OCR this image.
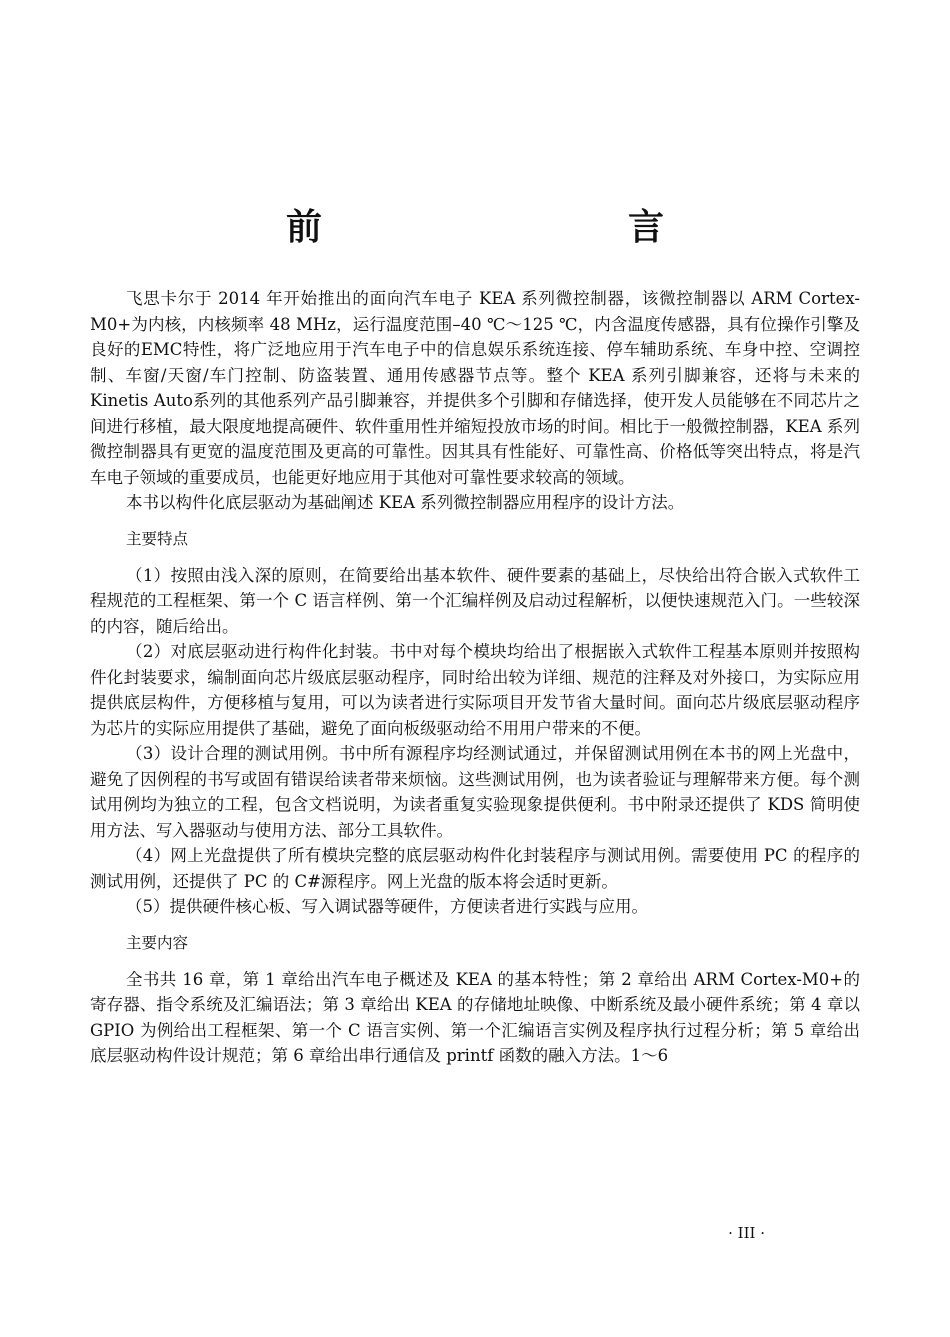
前　　言

飞思卡尔于 2014 年开始推出的面向汽车电子 KEA 系列微控制器，该微控制器以 ARM Cortex-M0+为内核，内核频率 48 MHz，运行温度范围–40 ℃～125 ℃，内含温度传感器，具有位操作引擎及良好的EMC特性，将广泛地应用于汽车电子中的信息娱乐系统连接、停车辅助系统、车身中控、空调控制、车窗/天窗/车门控制、防盗装置、通用传感器节点等。整个 KEA 系列引脚兼容，还将与未来的Kinetis Auto系列的其他系列产品引脚兼容，并提供多个引脚和存储选择，使开发人员能够在不同芯片之间进行移植，最大限度地提高硬件、软件重用性并缩短投放市场的时间。相比于一般微控制器，KEA 系列微控制器具有更宽的温度范围及更高的可靠性。因其具有性能好、可靠性高、价格低等突出特点，将是汽车电子领域的重要成员，也能更好地应用于其他对可靠性要求较高的领域。

本书以构件化底层驱动为基础阐述 KEA 系列微控制器应用程序的设计方法。

主要特点

（1）按照由浅入深的原则，在简要给出基本软件、硬件要素的基础上，尽快给出符合嵌入式软件工程规范的工程框架、第一个 C 语言样例、第一个汇编样例及启动过程解析，以便快速规范入门。一些较深的内容，随后给出。

（2）对底层驱动进行构件化封装。书中对每个模块均给出了根据嵌入式软件工程基本原则并按照构件化封装要求，编制面向芯片级底层驱动程序，同时给出较为详细、规范的注释及对外接口，为实际应用提供底层构件，方便移植与复用，可以为读者进行实际项目开发节省大量时间。面向芯片级底层驱动程序为芯片的实际应用提供了基础，避免了面向板级驱动给不用用户带来的不便。

（3）设计合理的测试用例。书中所有源程序均经测试通过，并保留测试用例在本书的网上光盘中，避免了因例程的书写或固有错误给读者带来烦恼。这些测试用例，也为读者验证与理解带来方便。每个测试用例均为独立的工程，包含文档说明，为读者重复实验现象提供便利。书中附录还提供了 KDS 简明使用方法、写入器驱动与使用方法、部分工具软件。

（4）网上光盘提供了所有模块完整的底层驱动构件化封装程序与测试用例。需要使用 PC 的程序的测试用例，还提供了 PC 的 C#源程序。网上光盘的版本将会适时更新。

（5）提供硬件核心板、写入调试器等硬件，方便读者进行实践与应用。

主要内容

全书共 16 章，第 1 章给出汽车电子概述及 KEA 的基本特性；第 2 章给出 ARM Cortex-M0+的寄存器、指令系统及汇编语法；第 3 章给出 KEA 的存储地址映像、中断系统及最小硬件系统；第 4 章以 GPIO 为例给出工程框架、第一个 C 语言实例、第一个汇编语言实例及程序执行过程分析；第 5 章给出底层驱动构件设计规范；第 6 章给出串行通信及 printf 函数的融入方法。1～6

· III ·
